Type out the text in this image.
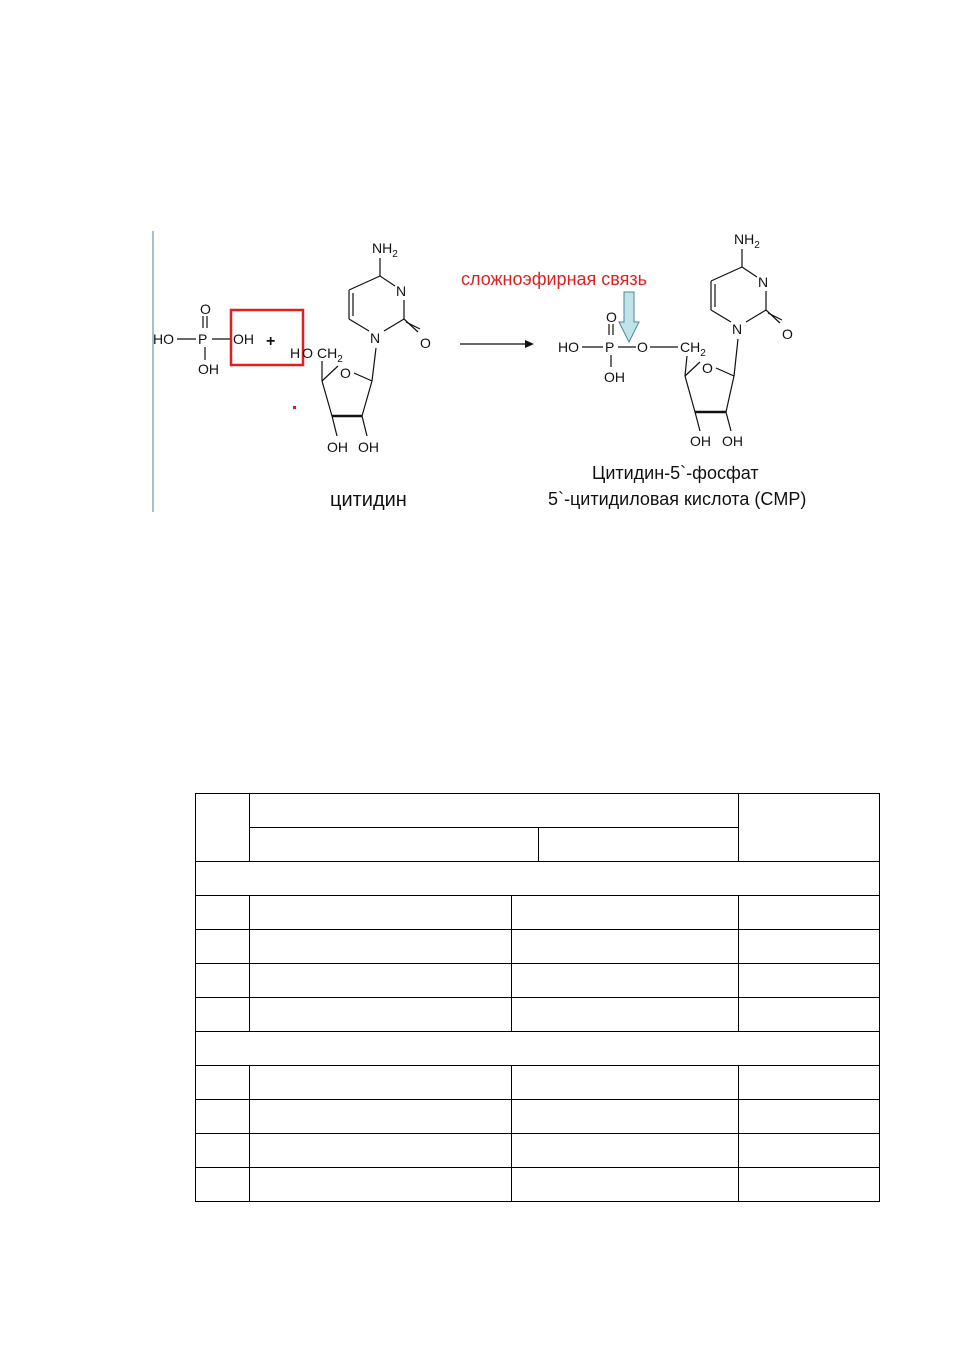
HO P
O
OH
OH +
$NH_2$
N
O
N
O
OH OH
$CH_2$
H O
цитидин
сложноэфирная связь
HO P
O
OH
O $CH_2$
$NH_2$
N
O
N
O
OH OH
Цитидин-5`-фосфат
5`-цитидиловая кислота (CMP)
